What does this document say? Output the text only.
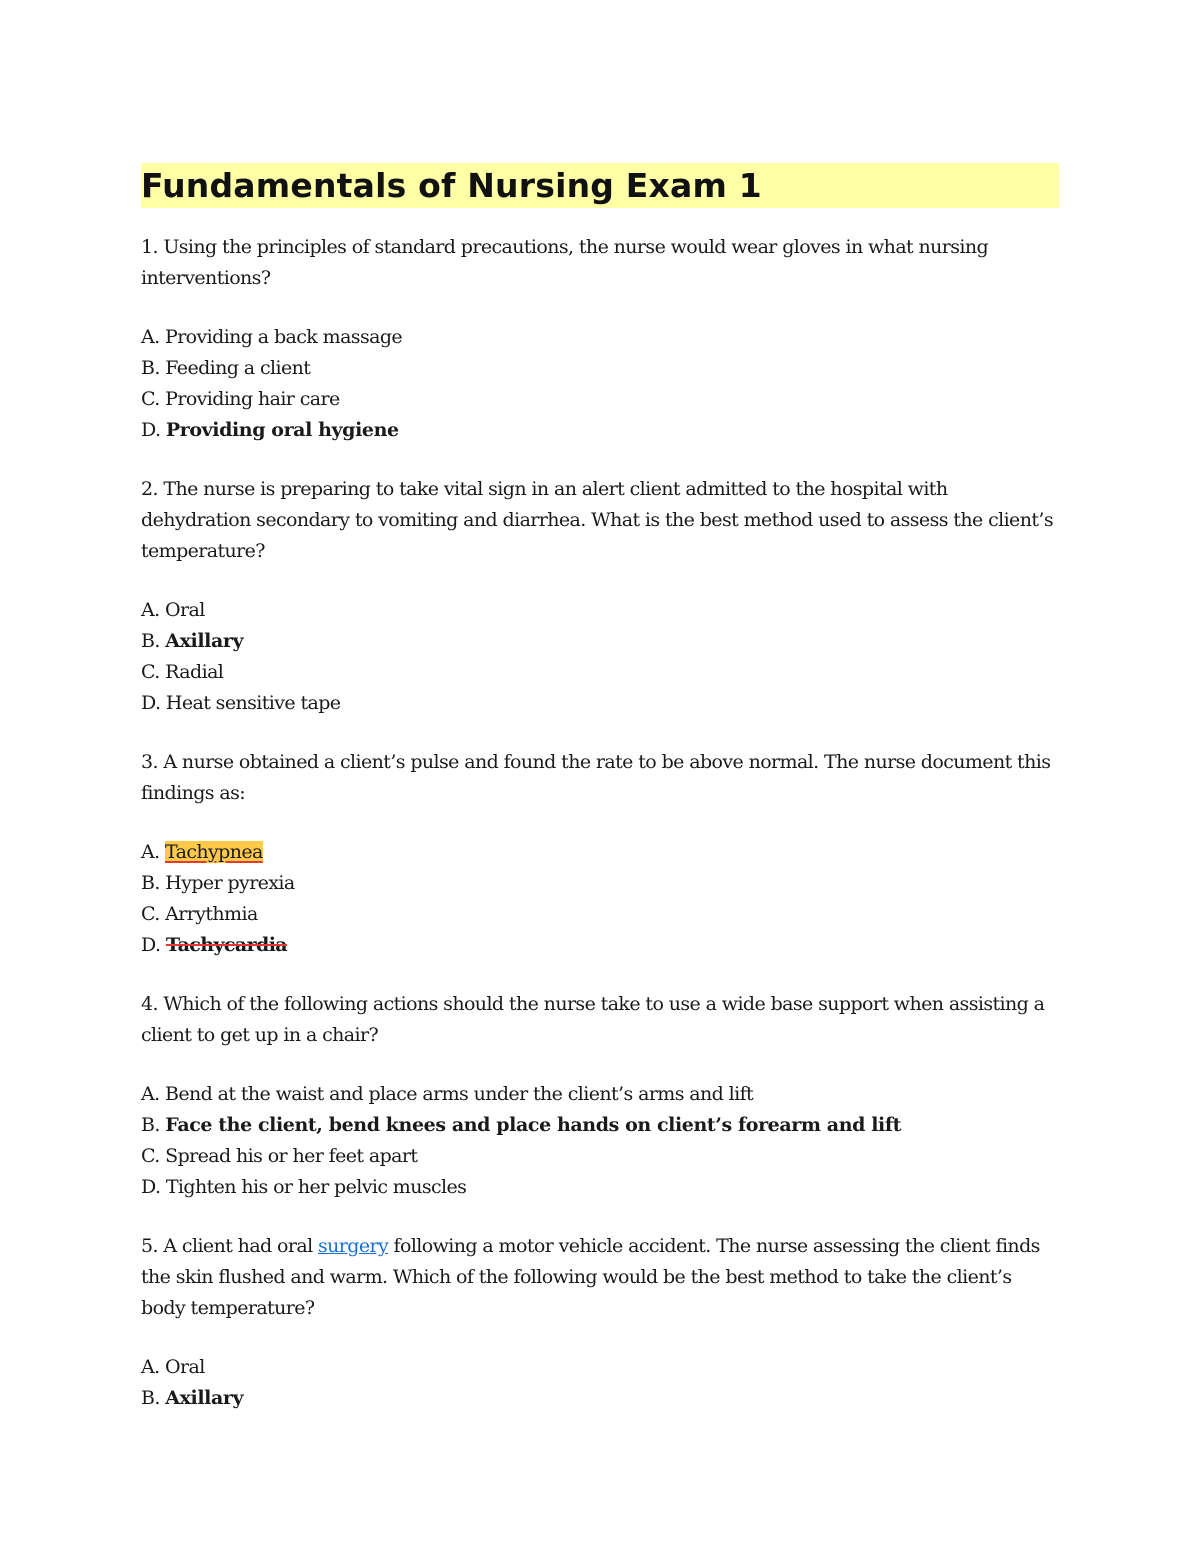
Fundamentals of Nursing Exam 1
1. Using the principles of standard precautions, the nurse would wear gloves in what nursing interventions?
A. Providing a back massage
B. Feeding a client
C. Providing hair care
D. Providing oral hygiene
2. The nurse is preparing to take vital sign in an alert client admitted to the hospital with dehydration secondary to vomiting and diarrhea. What is the best method used to assess the client’s temperature?
A. Oral
B. Axillary
C. Radial
D. Heat sensitive tape
3. A nurse obtained a client’s pulse and found the rate to be above normal. The nurse document this findings as:
A. Tachypnea
B. Hyper pyrexia
C. Arrythmia
D. Tachycardia
4. Which of the following actions should the nurse take to use a wide base support when assisting a client to get up in a chair?
A. Bend at the waist and place arms under the client’s arms and lift
B. Face the client, bend knees and place hands on client’s forearm and lift
C. Spread his or her feet apart
D. Tighten his or her pelvic muscles
5. A client had oral surgery following a motor vehicle accident. The nurse assessing the client finds the skin flushed and warm. Which of the following would be the best method to take the client’s body temperature?
A. Oral
B. Axillary
